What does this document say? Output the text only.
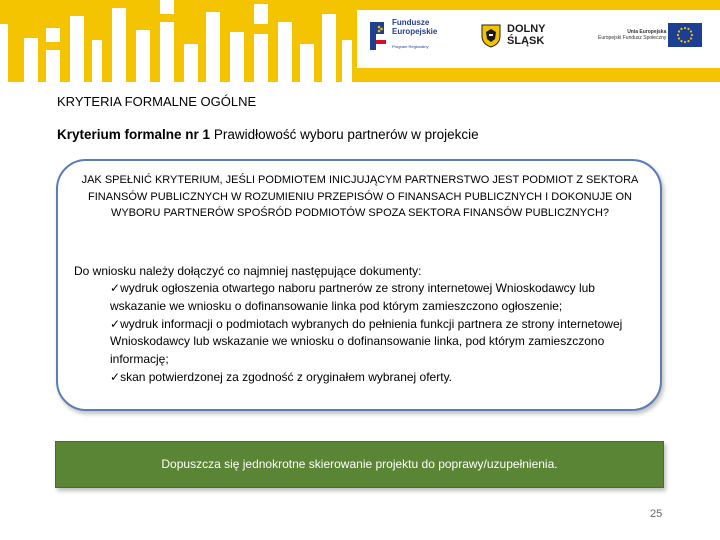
Fundusze
Europejskie
Program Regionalny
DOLNY
ŚLĄSK
Unia Europejska
Europejski Fundusz Społeczny
KRYTERIA FORMALNE OGÓLNE
Kryterium formalne nr 1 Prawidłowość wyboru partnerów w projekcie
JAK SPEŁNIĆ KRYTERIUM, JEŚLI PODMIOTEM INICJUJĄCYM PARTNERSTWO JEST PODMIOT Z SEKTORA FINANSÓW PUBLICZNYCH W ROZUMIENIU PRZEPISÓW O FINANSACH PUBLICZNYCH I DOKONUJE ON WYBORU PARTNERÓW SPOŚRÓD PODMIOTÓW SPOZA SEKTORA FINANSÓW PUBLICZNYCH?
Do wniosku należy dołączyć co najmniej następujące dokumenty:
✓wydruk ogłoszenia otwartego naboru partnerów ze strony internetowej Wnioskodawcy lub wskazanie we wniosku o dofinansowanie linka pod którym zamieszczono ogłoszenie;
✓wydruk informacji o podmiotach wybranych do pełnienia funkcji partnera ze strony internetowej Wnioskodawcy lub wskazanie we wniosku o dofinansowanie linka, pod którym zamieszczono informację;
✓skan potwierdzonej za zgodność z oryginałem wybranej oferty.
Dopuszcza się jednokrotne skierowanie projektu do poprawy/uzupełnienia.
25
